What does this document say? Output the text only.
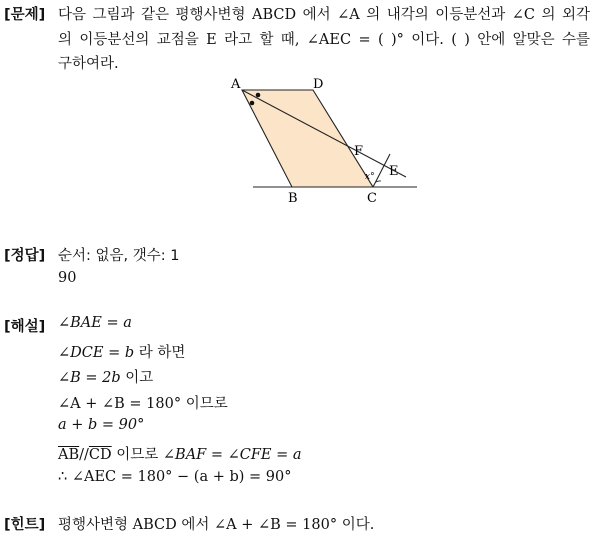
[문제] 다음 그림과 같은 평행사변형 ABCD 에서 ∠A 의 내각의 이등분선과 ∠C 의 외각
의 이등분선의 교점을 E 라고 할 때, ∠AEC = ( )° 이다. ( ) 안에 알맞은 수를
구하여라.
A	D
F
E
x°
B	C
[정답] 순서: 없음, 갯수: 1
90
[해설] ∠BAE = a
∠DCE = b 라 하면
∠B = 2b 이고
∠A + ∠B = 180° 이므로
a + b = 90°
$\overline{AB}//\overline{CD}$ 이므로 ∠BAF = ∠CFE = a
∴ ∠AEC = 180° − (a + b) = 90°
[힌트] 평행사변형 ABCD 에서 ∠A + ∠B = 180° 이다.
